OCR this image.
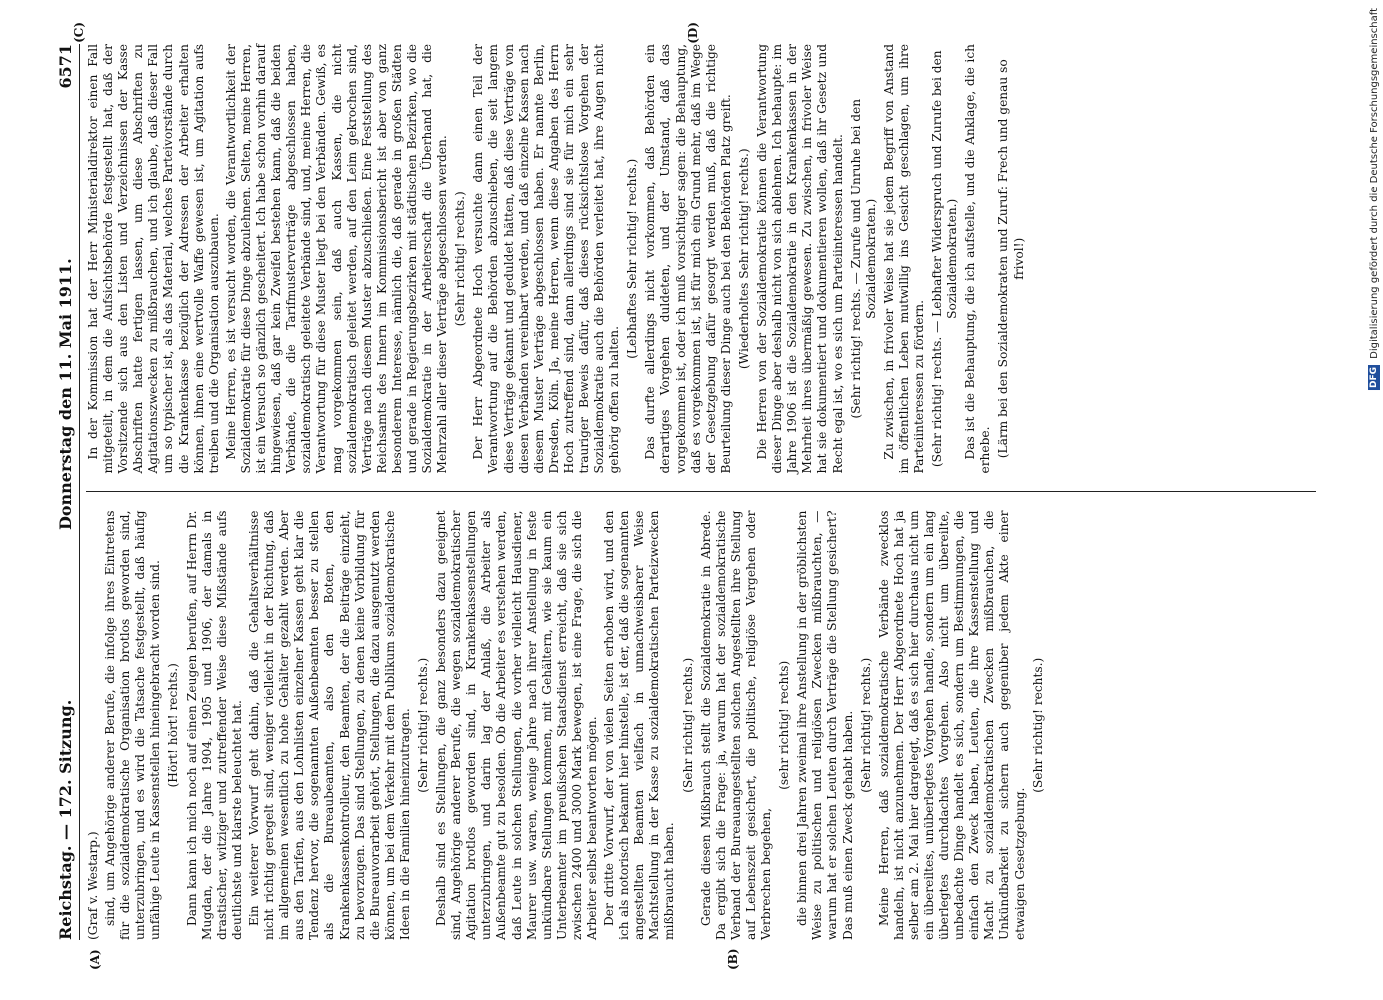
Reichstag. — 172. Sitzung.
Donnerstag den 11. Mai 1911.
6571
(A)	(B)

(Graf v. Westarp.) sind, um Angehörige anderer Berufe, die infolge ihres Eintretens für die sozialdemokratische Organisation brotlos geworden sind, unterzubringen, und es wird die Tatsache festgestellt, daß häufig unfähige Leute in Kassenstellen hineingebracht worden sind. (Hört! hört! rechts.) Dann kann ich mich noch auf einen Zeugen berufen, auf Herrn Dr. Mugdan, der die Jahre 1904, 1905 und 1906, der damals in drastischer, witziger und zutreffender Weise diese Mißstände aufs deutlichste und klarste beleuchtet hat. Ein weiterer Vorwurf geht dahin, daß die Gehaltsverhältnisse nicht richtig geregelt sind, weniger vielleicht in der Richtung, daß im allgemeinen wesentlich zu hohe Gehälter gezahlt werden. Aber aus den Tarifen, aus den Lohnlisten einzelner Kassen geht klar die Tendenz hervor, die sogenannten Außenbeamten besser zu stellen als die Bureaubeamten, also den Boten, den Krankenkassenkontrolleur, den Beamten, der die Beiträge einzieht, zu bevorzugen. Das sind Stellungen, zu denen keine Vorbildung für die Bureauvorarbeit gehört, Stellungen, die dazu ausgenutzt werden können, um bei dem Verkehr mit dem Publikum sozialdemokratische Ideen in die Familien hineinzutragen. (Sehr richtig! rechts.) Deshalb sind es Stellungen, die ganz besonders dazu geeignet sind, Angehörige anderer Berufe, die wegen sozialdemokratischer Agitation brotlos geworden sind, in Krankenkassenstellungen unterzubringen, und darin lag der Anlaß, die Arbeiter als Außenbeamte gut zu besolden. Ob die Arbeiter es verstehen werden, daß Leute in solchen Stellungen, die vorher vielleicht Hausdiener, Maurer usw. waren, wenige Jahre nach ihrer Anstellung in feste unkündbare Stellungen kommen, mit Gehältern, wie sie kaum ein Unterbeamter im preußischen Staatsdienst erreicht, daß sie sich zwischen 2400 und 3000 Mark bewegen, ist eine Frage, die sich die Arbeiter selbst beantworten mögen. Der dritte Vorwurf, der von vielen Seiten erhoben wird, und den ich als notorisch bekannt hier hinstelle, ist der, daß die sogenannten angestellten Beamten vielfach in unnachweisbarer Weise Machtstellung in der Kasse zu sozialdemokratischen Parteizwecken mißbraucht haben.

(Sehr richtig! rechts.) Gerade diesen Mißbrauch stellt die Sozialdemokratie in Abrede. Da ergibt sich die Frage: ja, warum hat der sozialdemokratische Verband der Bureauangestellten solchen Angestellten ihre Stellung auf Lebenszeit gesichert, die politische, religiöse Vergehen oder Verbrechen begehen,

(sehr richtig! rechts) die binnen drei Jahren zweimal ihre Anstellung in der gröblichsten Weise zu politischen und religiösen Zwecken mißbrauchten, — warum hat er solchen Leuten durch Verträge die Stellung gesichert? Das muß einen Zweck gehabt haben. (Sehr richtig! rechts.) Meine Herren, daß sozialdemokratische Verbände zwecklos handeln, ist nicht anzunehmen. Der Herr Abgeordnete Hoch hat ja selber am 2. Mai hier dargelegt, daß es sich hier durchaus nicht um ein übereiltes, unüberlegtes Vorgehen handle, sondern um ein lang überlegtes durchdachtes Vorgehen. Also nicht um übereilte, unbedachte Dinge handelt es sich, sondern um Bestimmungen, die einfach den Zweck haben, Leuten, die ihre Kassenstellung und Macht zu sozialdemokratischen Zwecken mißbrauchen, die Unkündbarkeit zu sichern auch gegenüber jedem Akte einer etwaigen Gesetzgebung.

(Sehr richtig! rechts.)

(C)	(D)

In der Kommission hat der Herr Ministerialdirektor einen Fall mitgeteilt, in dem die Aufsichtsbehörde festgestellt hat, daß der Vorsitzende sich aus den Listen und Verzeichnissen der Kasse Abschriften hatte fertigen lassen, um diese Abschriften zu Agitationszwecken zu mißbrauchen, und ich glaube, daß dieser Fall um so typischer ist, als das Material, welches Parteivorstände durch die Krankenkasse bezüglich der Adressen der Arbeiter erhalten können, ihnen eine wertvolle Waffe gewesen ist, um Agitation aufs treiben und die Organisation auszubauen. Meine Herren, es ist versucht worden, die Verantwortlichkeit der Sozialdemokratie für diese Dinge abzulehnen. Selten, meine Herren, ist ein Versuch so gänzlich gescheitert. Ich habe schon vorhin darauf hingewiesen, daß gar kein Zweifel bestehen kann, daß die beiden Verbände, die die Tarifmusterverträge abgeschlossen haben, sozialdemokratisch geleitete Verbände sind, und, meine Herren, die Verantwortung für diese Muster liegt bei den Verbänden. Gewiß, es mag vorgekommen sein, daß auch Kassen, die nicht sozialdemokratisch geleitet werden, auf den Leim gekrochen sind, Verträge nach diesem Muster abzuschließen. Eine Feststellung des Reichsamts des Innern im Kommissionsbericht ist aber von ganz besonderem Interesse, nämlich die, daß gerade in großen Städten und gerade in Regierungsbezirken mit städtischen Bezirken, wo die Sozialdemokratie in der Arbeiterschaft die Überhand hat, die Mehrzahl aller dieser Verträge abgeschlossen werden. (Sehr richtig! rechts.) Der Herr Abgeordnete Hoch versuchte dann einen Teil der Verantwortung auf die Behörden abzuschieben, die seit langem diese Verträge gekannt und geduldet hätten, daß diese Verträge von diesen Verbänden vereinbart werden, und daß einzelne Kassen nach diesem Muster Verträge abgeschlossen haben. Er nannte Berlin, Dresden, Köln. Ja, meine Herren, wenn diese Angaben des Herrn Hoch zutreffend sind, dann allerdings sind sie für mich ein sehr trauriger Beweis dafür, daß dieses rücksichtslose Vorgehen der Sozialdemokratie auch die Behörden verleitet hat, ihre Augen nicht gehörig offen zu halten.

(Lebhaftes Sehr richtig! rechts.) Das durfte allerdings nicht vorkommen, daß Behörden ein derartiges Vorgehen duldeten, und der Umstand, daß das vorgekommen ist, oder ich muß vorsichtiger sagen: die Behauptung, daß es vorgekommen ist, ist für mich ein Grund mehr, daß im Wege der Gesetzgebung dafür gesorgt werden muß, daß die richtige Beurteilung dieser Dinge auch bei den Behörden Platz greift. (Wiederholtes Sehr richtig! rechts.) Die Herren von der Sozialdemokratie können die Verantwortung dieser Dinge aber deshalb nicht von sich ablehnen. Ich behaupte: im Jahre 1906 ist die Sozialdemokratie in den Krankenkassen in der Mehrheit ihres übermäßig gewesen. Zu zwischen, in frivoler Weise hat sie dokumentiert und dokumentieren wollen, daß ihr Gesetz und Recht egal ist, wo es sich um Parteiinteressen handelt. (Sehr richtig! rechts. — Zurufe und Unruhe bei den Sozialdemokraten.) Zu zwischen, in frivoler Weise hat sie jedem Begriff von Anstand im öffentlichen Leben mutwillig ins Gesicht geschlagen, um ihre Parteiinteressen zu fördern. (Sehr richtig! rechts. — Lebhafter Widerspruch und Zurufe bei den Sozialdemokraten.) Das ist die Behauptung, die ich aufstelle, und die Anklage, die ich erhebe. (Lärm bei den Sozialdemokraten und Zuruf: Frech und genau so frivol!)	Digitalisierung gefördert durch die Deutsche Forschungsgemeinschaft
DFG
